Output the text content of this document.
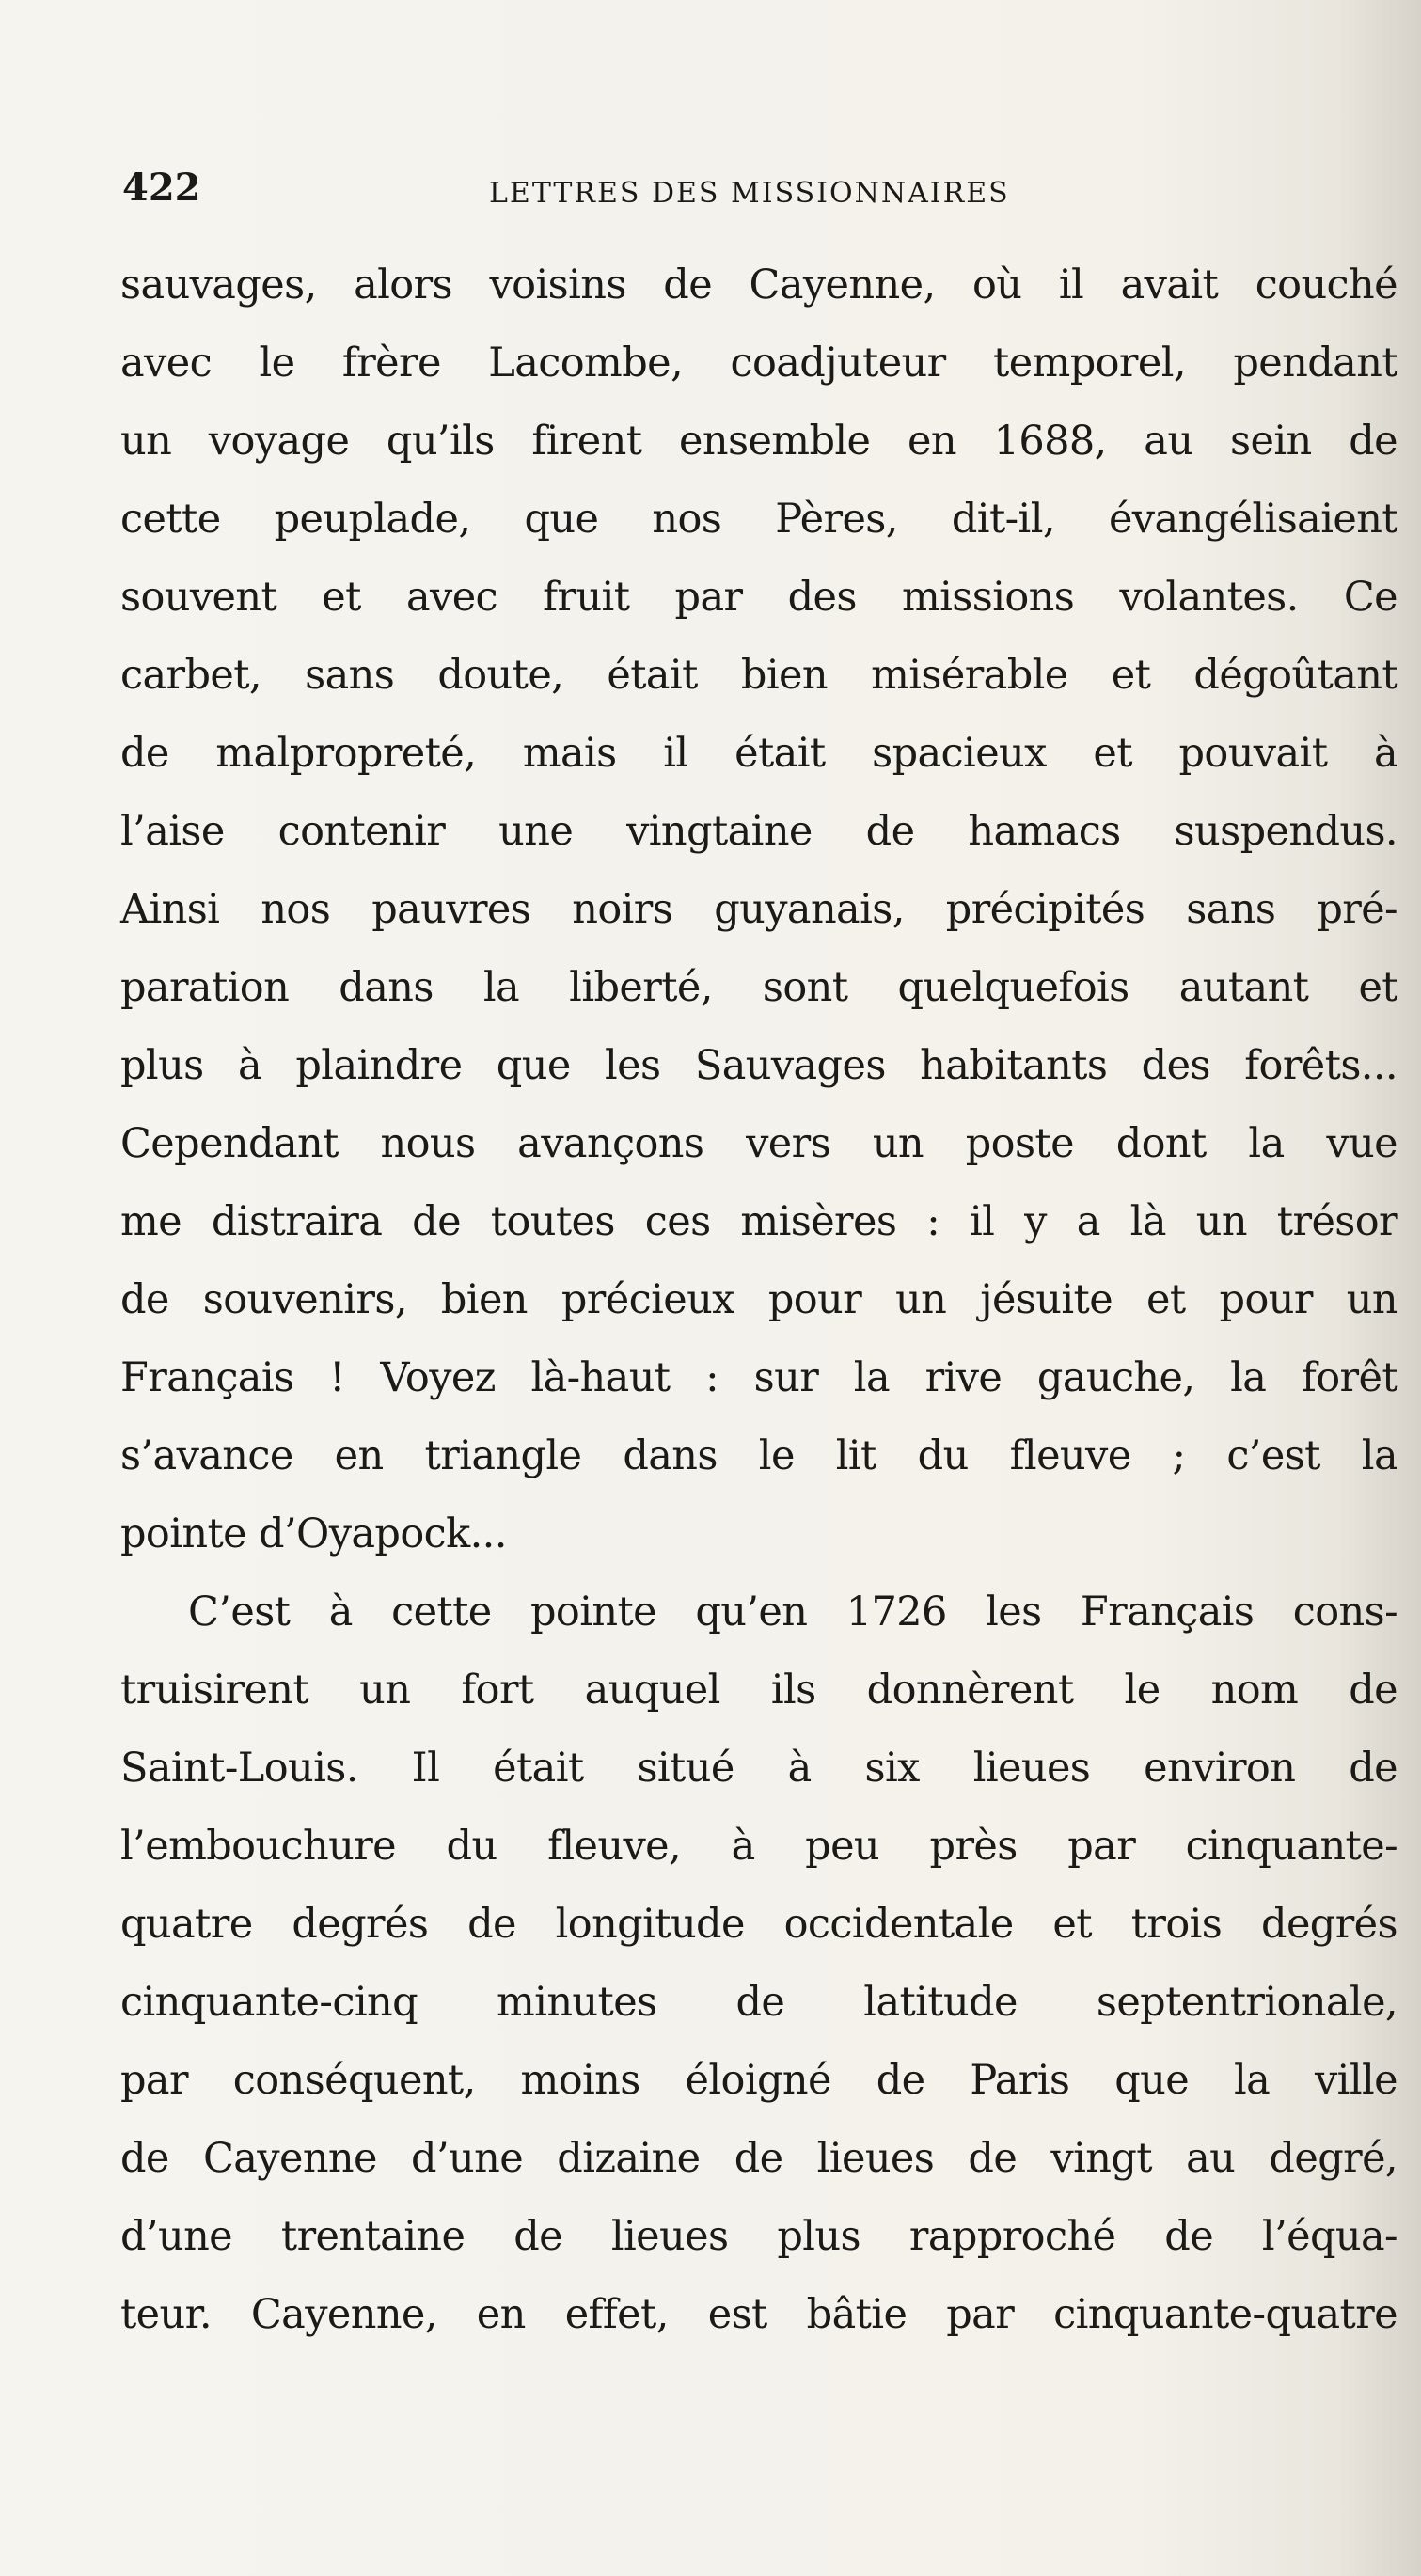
422	LETTRES DES MISSIONNAIRES
sauvages, alors voisins de Cayenne, où il avait couché
avec le frère Lacombe, coadjuteur temporel, pendant
un voyage qu’ils firent ensemble en 1688, au sein de
cette peuplade, que nos Pères, dit-il, évangélisaient
souvent et avec fruit par des missions volantes. Ce
carbet, sans doute, était bien misérable et dégoûtant
de malpropreté, mais il était spacieux et pouvait à
l’aise contenir une vingtaine de hamacs suspendus.
Ainsi nos pauvres noirs guyanais, précipités sans pré-
paration dans la liberté, sont quelquefois autant et
plus à plaindre que les Sauvages habitants des forêts...
Cependant nous avançons vers un poste dont la vue
me distraira de toutes ces misères : il y a là un trésor
de souvenirs, bien précieux pour un jésuite et pour un
Français ! Voyez là-haut : sur la rive gauche, la forêt
s’avance en triangle dans le lit du fleuve ; c’est la
pointe d’Oyapock...
C’est à cette pointe qu’en 1726 les Français cons-
truisirent un fort auquel ils donnèrent le nom de
Saint-Louis. Il était situé à six lieues environ de
l’embouchure du fleuve, à peu près par cinquante-
quatre degrés de longitude occidentale et trois degrés
cinquante-cinq minutes de latitude septentrionale,
par conséquent, moins éloigné de Paris que la ville
de Cayenne d’une dizaine de lieues de vingt au degré,
d’une trentaine de lieues plus rapproché de l’équa-
teur. Cayenne, en effet, est bâtie par cinquante-quatre
